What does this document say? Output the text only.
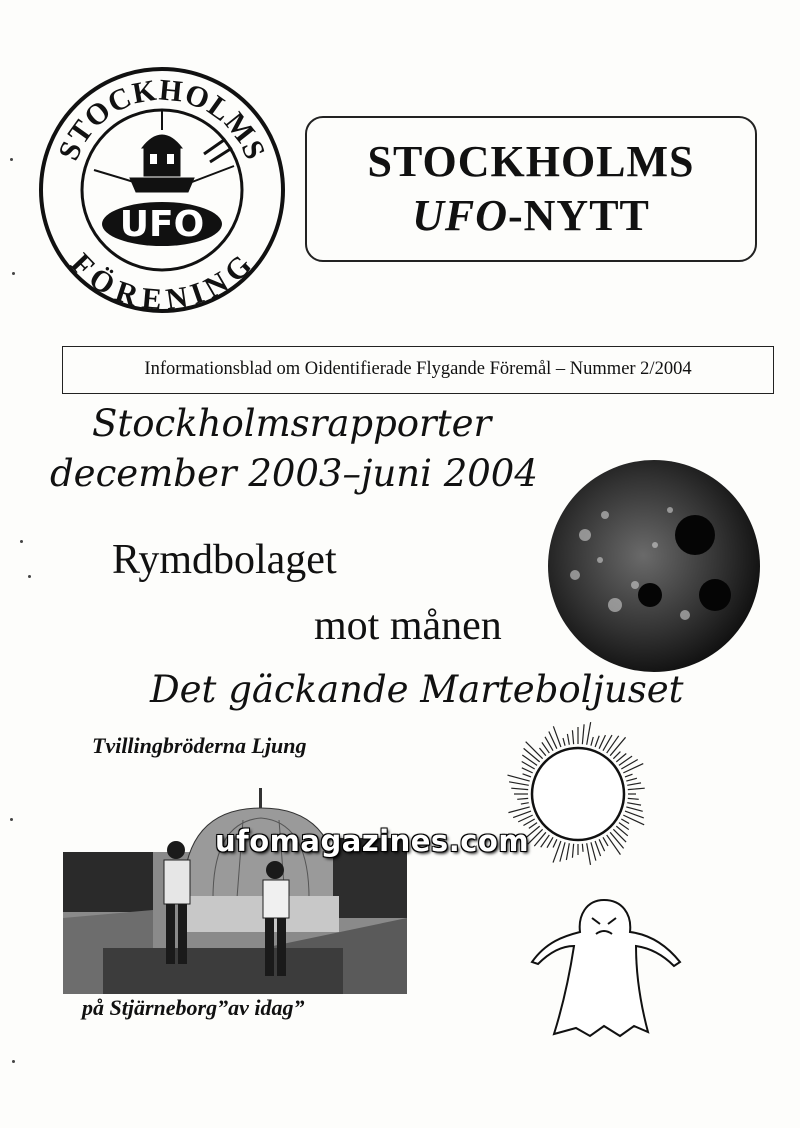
STOCKHOLMS
FÖRENING
UFO
STOCKHOLMS
UFO-NYTT
Informationsblad om Oidentifierade Flygande Föremål – Nummer 2/2004
Stockholmsrapporter
december 2003–juni 2004
Rymdbolaget
mot månen
Det gäckande Marteboljuset
Tvillingbröderna Ljung
på Stjärneborg”av idag”
ufomagazines.com
